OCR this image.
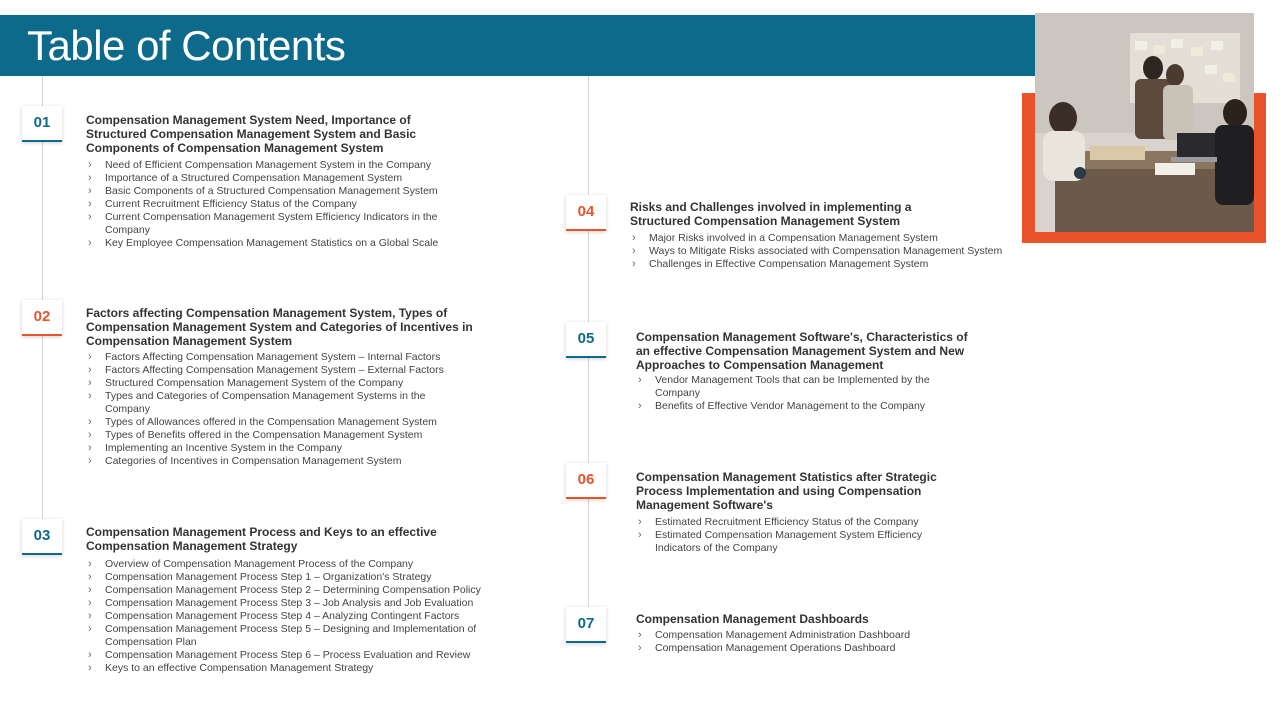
Table of Contents
01	Compensation Management System Need, Importance of Structured Compensation Management System and Basic Components of Compensation Management System
› Need of Efficient Compensation Management System in the Company
› Importance of a Structured Compensation Management System
› Basic Components of a Structured Compensation Management System
› Current Recruitment Efficiency Status of the Company
› Current Compensation Management System Efficiency Indicators in the Company
› Key Employee Compensation Management Statistics on a Global Scale
02	Factors affecting Compensation Management System, Types of Compensation Management System and Categories of Incentives in Compensation Management System
› Factors Affecting Compensation Management System – Internal Factors
› Factors Affecting Compensation Management System – External Factors
› Structured Compensation Management System of the Company
› Types and Categories of Compensation Management Systems in the Company
› Types of Allowances offered in the Compensation Management System
› Types of Benefits offered in the Compensation Management System
› Implementing an Incentive System in the Company
› Categories of Incentives in Compensation Management System
03	Compensation Management Process and Keys to an effective Compensation Management Strategy
› Overview of Compensation Management Process of the Company
› Compensation Management Process Step 1 – Organization's Strategy
› Compensation Management Process Step 2 – Determining Compensation Policy
› Compensation Management Process Step 3 – Job Analysis and Job Evaluation
› Compensation Management Process Step 4 – Analyzing Contingent Factors
› Compensation Management Process Step 5 – Designing and Implementation of Compensation Plan
› Compensation Management Process Step 6 – Process Evaluation and Review
› Keys to an effective Compensation Management Strategy
04	Risks and Challenges involved in implementing a Structured Compensation Management System
› Major Risks involved in a Compensation Management System
› Ways to Mitigate Risks associated with Compensation Management System
› Challenges in Effective Compensation Management System
05	Compensation Management Software's, Characteristics of an effective Compensation Management System and New Approaches to Compensation Management
› Vendor Management Tools that can be Implemented by the Company
› Benefits of Effective Vendor Management to the Company
06	Compensation Management Statistics after Strategic Process Implementation and using Compensation Management Software's
› Estimated Recruitment Efficiency Status of the Company
› Estimated Compensation Management System Efficiency Indicators of the Company
07	Compensation Management Dashboards
› Compensation Management Administration Dashboard
› Compensation Management Operations Dashboard
